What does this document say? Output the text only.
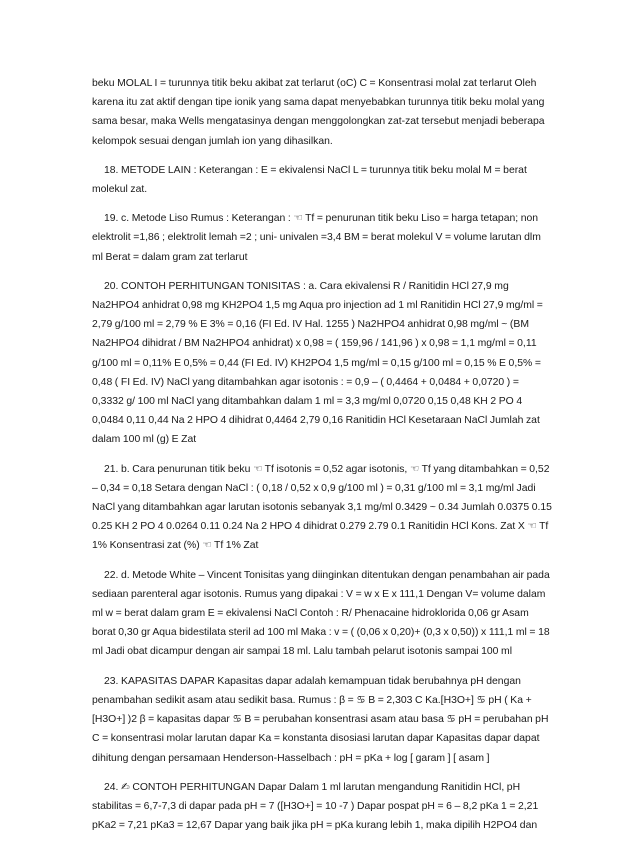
beku MOLAL I = turunnya titik beku akibat zat terlarut (oC) C = Konsentrasi molal zat terlarut Oleh karena itu zat aktif dengan tipe ionik yang sama dapat menyebabkan turunnya titik beku molal yang sama besar, maka Wells mengatasinya dengan menggolongkan zat-zat tersebut menjadi beberapa kelompok sesuai dengan jumlah ion yang dihasilkan.

18. METODE LAIN : Keterangan : E = ekivalensi NaCl L = turunnya titik beku molal M = berat molekul zat.

19. c. Metode Liso Rumus : Keterangan : ☜ Tf = penurunan titik beku Liso = harga tetapan; non elektrolit =1,86 ; elektrolit lemah =2 ; uni- univalen =3,4 BM = berat molekul V = volume larutan dlm ml Berat = dalam gram zat terlarut

20. CONTOH PERHITUNGAN TONISITAS : a. Cara ekivalensi R / Ranitidin HCl 27,9 mg Na2HPO4 anhidrat 0,98 mg KH2PO4 1,5 mg Aqua pro injection ad 1 ml Ranitidin HCl 27,9 mg/ml = 2,79 g/100 ml = 2,79 % E 3% = 0,16 (FI Ed. IV Hal. 1255 ) Na2HPO4 anhidrat 0,98 mg/ml ~ (BM Na2HPO4 dihidrat / BM Na2HPO4 anhidrat) x 0,98 = ( 159,96 / 141,96 ) x 0,98 = 1,1 mg/ml = 0,11 g/100 ml = 0,11% E 0,5% = 0,44 (FI Ed. IV) KH2PO4 1,5 mg/ml = 0,15 g/100 ml = 0,15 % E 0,5% = 0,48 ( FI Ed. IV) NaCl yang ditambahkan agar isotonis : = 0,9 – ( 0,4464 + 0,0484 + 0,0720 ) = 0,3332 g/ 100 ml NaCl yang ditambahkan dalam 1 ml = 3,3 mg/ml 0,0720 0,15 0,48 KH 2 PO 4 0,0484 0,11 0,44 Na 2 HPO 4 dihidrat 0,4464 2,79 0,16 Ranitidin HCl Kesetaraan NaCl Jumlah zat dalam 100 ml (g) E Zat

21. b. Cara penurunan titik beku ☜ Tf isotonis = 0,52 agar isotonis, ☜ Tf yang ditambahkan = 0,52 – 0,34 = 0,18 Setara dengan NaCl : ( 0,18 / 0,52 x 0,9 g/100 ml ) = 0,31 g/100 ml = 3,1 mg/ml Jadi NaCl yang ditambahkan agar larutan isotonis sebanyak 3,1 mg/ml 0.3429 ~ 0.34 Jumlah 0.0375 0.15 0.25 KH 2 PO 4 0.0264 0.11 0.24 Na 2 HPO 4 dihidrat 0.279 2.79 0.1 Ranitidin HCl Kons. Zat X ☜ Tf 1% Konsentrasi zat (%) ☜ Tf 1% Zat

22. d. Metode White – Vincent Tonisitas yang diinginkan ditentukan dengan penambahan air pada sediaan parenteral agar isotonis. Rumus yang dipakai : V = w x E x 111,1 Dengan V= volume dalam ml w = berat dalam gram E = ekivalensi NaCl Contoh : R/ Phenacaine hidroklorida 0,06 gr Asam borat 0,30 gr Aqua bidestilata steril ad 100 ml Maka : v = ( (0,06 x 0,20)+ (0,3 x 0,50)) x 111,1 ml = 18 ml Jadi obat dicampur dengan air sampai 18 ml. Lalu tambah pelarut isotonis sampai 100 ml

23. KAPASITAS DAPAR Kapasitas dapar adalah kemampuan tidak berubahnya pH dengan penambahan sedikit asam atau sedikit basa. Rumus : β = ♋ B = 2,303 C Ka.[H3O+] ♋ pH ( Ka + [H3O+] )2 β = kapasitas dapar ♋ B = perubahan konsentrasi asam atau basa ♋ pH = perubahan pH C = konsentrasi molar larutan dapar Ka = konstanta disosiasi larutan dapar Kapasitas dapar dapat dihitung dengan persamaan Henderson-Hasselbach : pH = pKa + log [ garam ] [ asam ]

24. ✍ CONTOH PERHITUNGAN Dapar Dalam 1 ml larutan mengandung Ranitidin HCl, pH stabilitas = 6,7-7,3 di dapar pada pH = 7 ([H3O+] = 10 -7 ) Dapar pospat pH = 6 – 8,2 pKa 1 = 2,21 pKa2 = 7,21 pKa3 = 12,67 Dapar yang baik jika pH = pKa kurang lebih 1, maka dipilih H2PO4 dan
